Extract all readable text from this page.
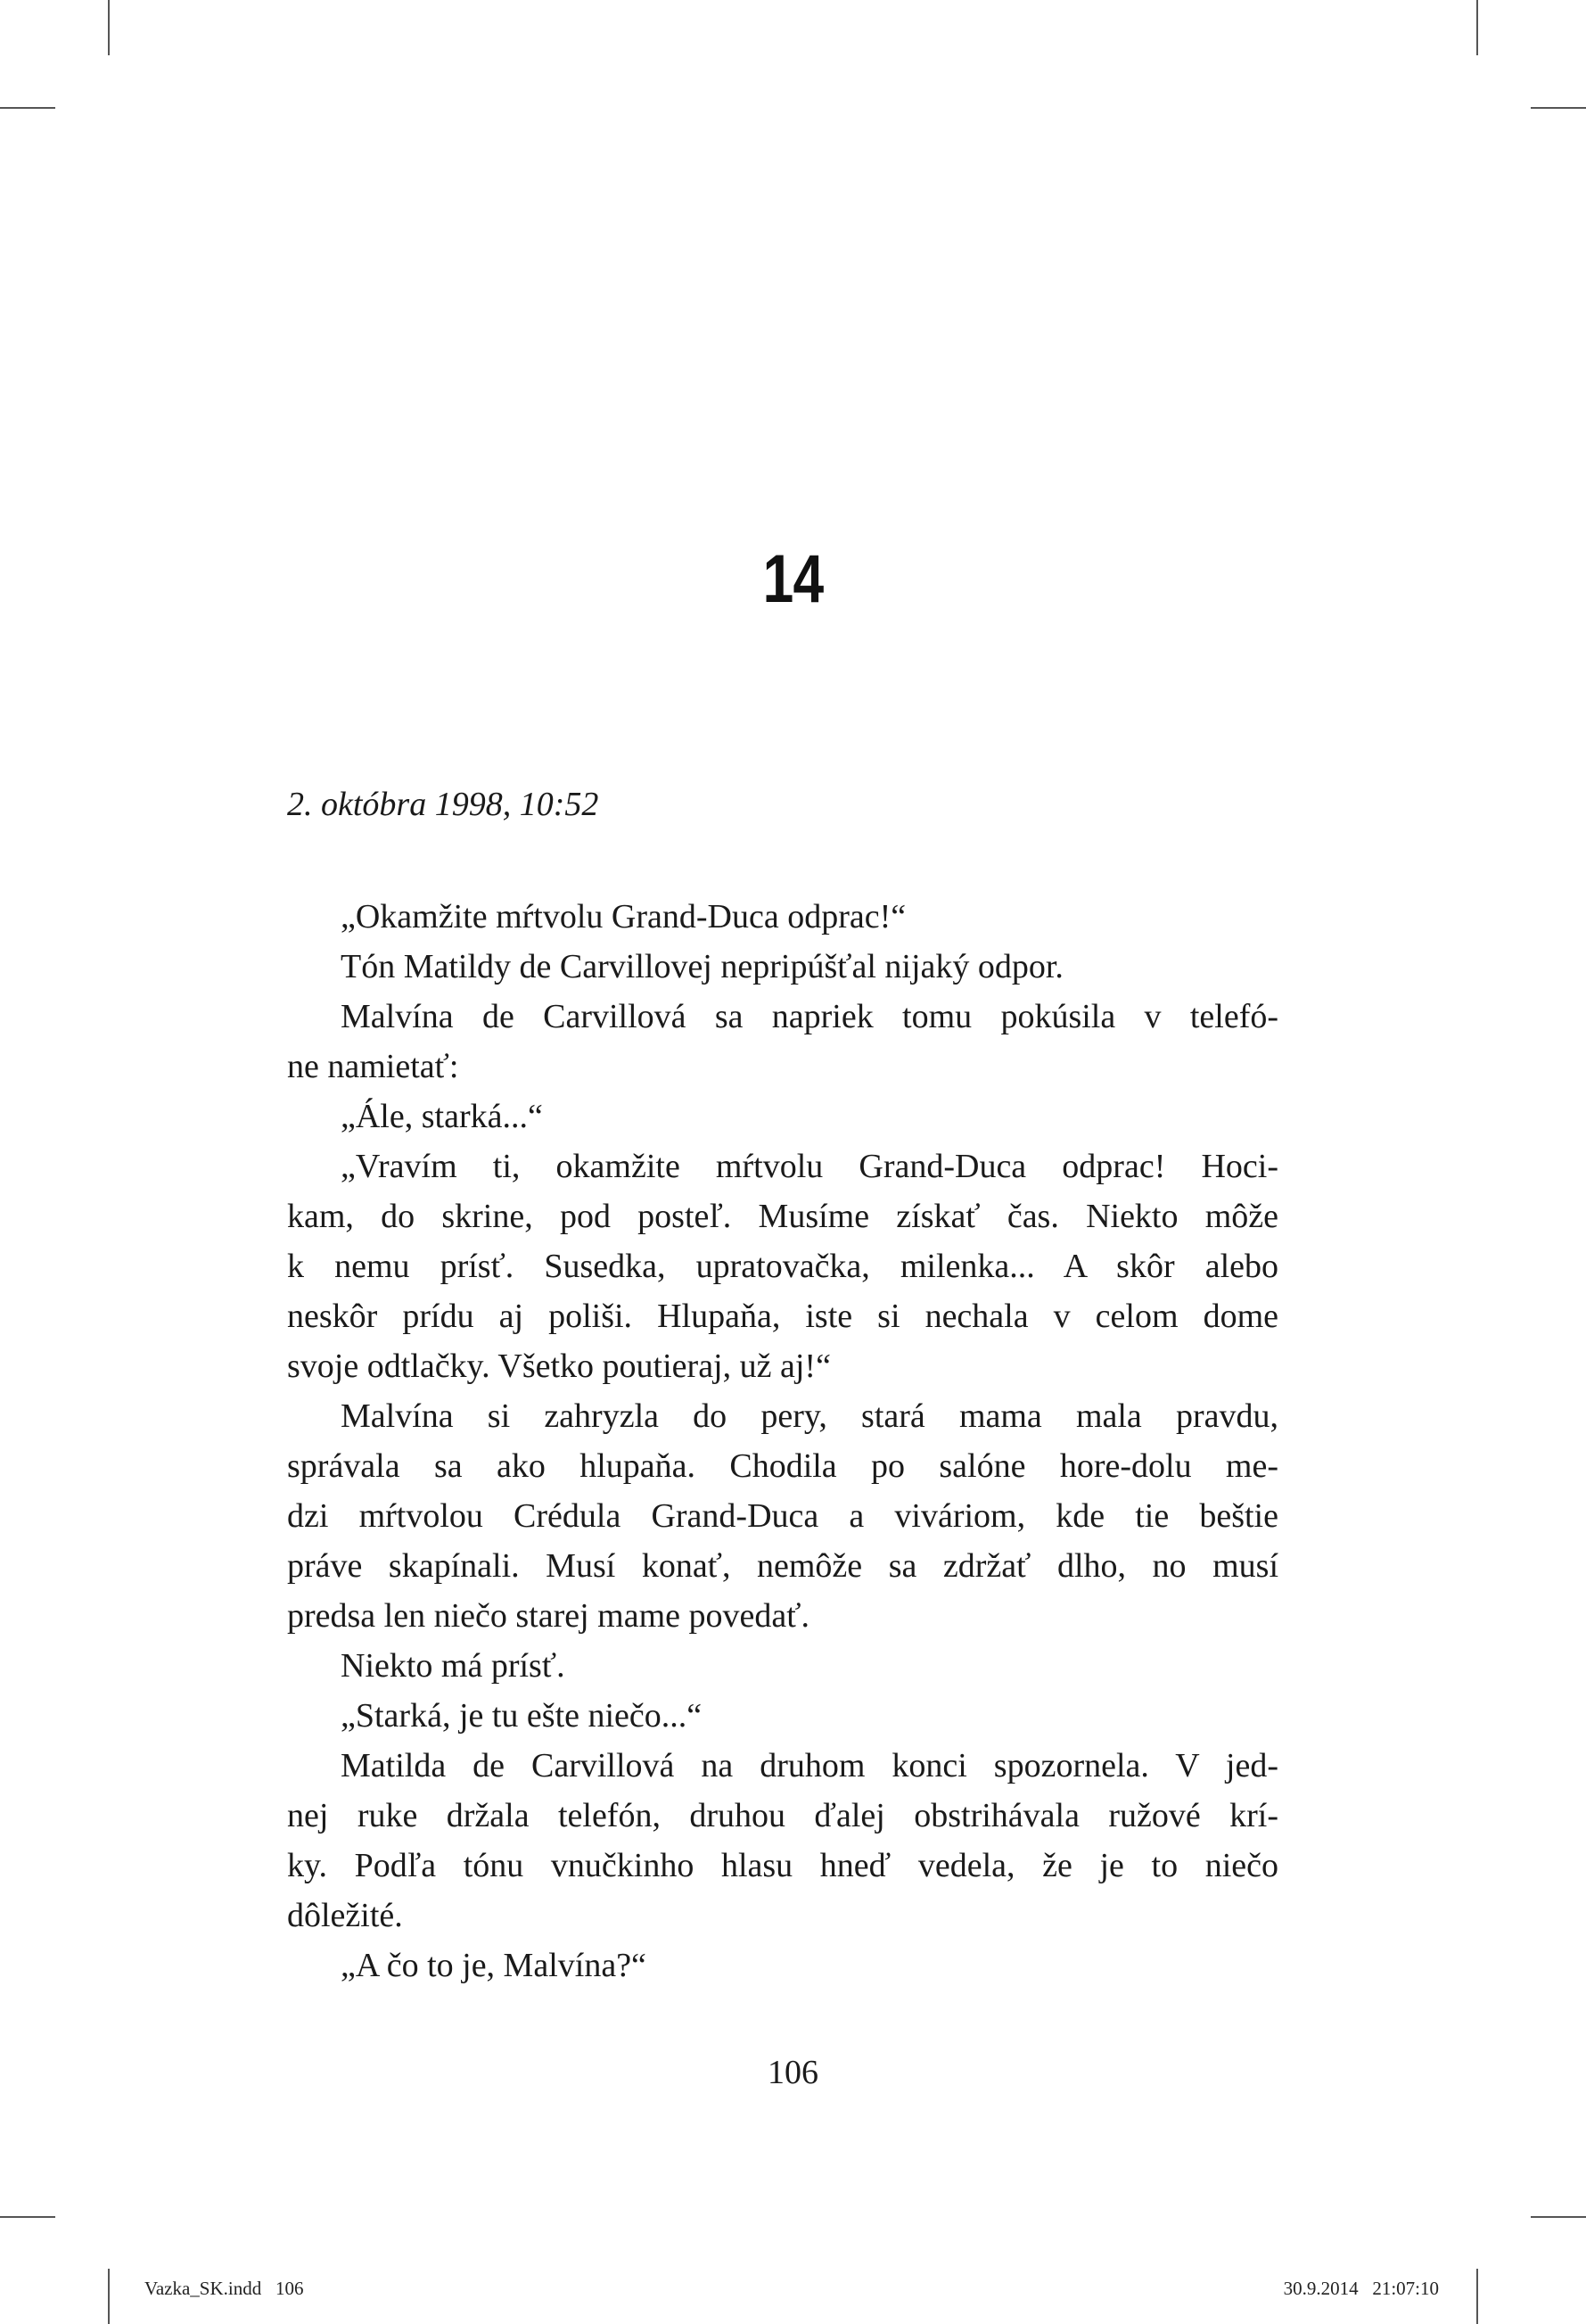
14
2. októbra 1998, 10:52
„Okamžite mŕtvolu Grand-Duca odprac!“
Tón Matildy de Carvillovej nepripúšťal nijaký odpor.
Malvína de Carvillová sa napriek tomu pokúsila v telefó-
ne namietať:
„Ále, starká...“
„Vravím ti, okamžite mŕtvolu Grand-Duca odprac! Hoci-
kam, do skrine, pod posteľ. Musíme získať čas. Niekto môže
k nemu prísť. Susedka, upratovačka, milenka... A skôr alebo
neskôr prídu aj poliši. Hlupaňa, iste si nechala v celom dome
svoje odtlačky. Všetko poutieraj, už aj!“
Malvína si zahryzla do pery, stará mama mala pravdu,
správala sa ako hlupaňa. Chodila po salóne hore-dolu me-
dzi mŕtvolou Crédula Grand-Duca a viváriom, kde tie beštie
práve skapínali. Musí konať, nemôže sa zdržať dlho, no musí
predsa len niečo starej mame povedať.
Niekto má prísť.
„Starká, je tu ešte niečo...“
Matilda de Carvillová na druhom konci spozornela. V jed-
nej ruke držala telefón, druhou ďalej obstrihávala ružové krí-
ky. Podľa tónu vnučkinho hlasu hneď vedela, že je to niečo
dôležité.
„A čo to je, Malvína?“
106
Vazka_SK.indd   106	30.9.2014   21:07:10
